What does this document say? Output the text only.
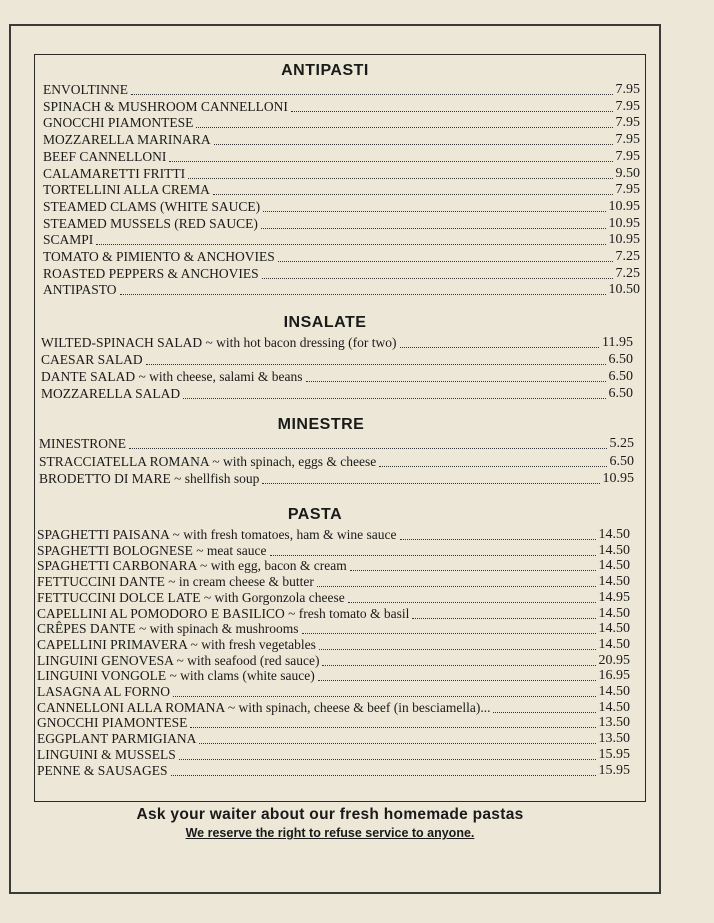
ANTIPASTI
ENVOLTINNE	7.95
SPINACH & MUSHROOM CANNELLONI	7.95
GNOCCHI PIAMONTESE	7.95
MOZZARELLA MARINARA	7.95
BEEF CANNELLONI	7.95
CALAMARETTI FRITTI	9.50
TORTELLINI ALLA CREMA	7.95
STEAMED CLAMS (WHITE SAUCE)	10.95
STEAMED MUSSELS (RED SAUCE)	10.95
SCAMPI	10.95
TOMATO & PIMIENTO & ANCHOVIES	7.25
ROASTED PEPPERS & ANCHOVIES	7.25
ANTIPASTO	10.50
INSALATE
WILTED-SPINACH SALAD ~ with hot bacon dressing (for two)	11.95
CAESAR SALAD	6.50
DANTE SALAD ~ with cheese, salami & beans	6.50
MOZZARELLA SALAD	6.50
MINESTRE
MINESTRONE	5.25
STRACCIATELLA ROMANA ~ with spinach, eggs & cheese	6.50
BRODETTO DI MARE ~ shellfish soup	10.95
PASTA
SPAGHETTI PAISANA ~ with fresh tomatoes, ham & wine sauce	14.50
SPAGHETTI BOLOGNESE ~ meat sauce	14.50
SPAGHETTI CARBONARA ~ with egg, bacon & cream	14.50
FETTUCCINI DANTE ~ in cream cheese & butter	14.50
FETTUCCINI DOLCE LATE ~ with Gorgonzola cheese	14.95
CAPELLINI AL POMODORO E BASILICO ~ fresh tomato & basil	14.50
CRÊPES DANTE ~ with spinach & mushrooms	14.50
CAPELLINI PRIMAVERA ~ with fresh vegetables	14.50
LINGUINI GENOVESA ~ with seafood (red sauce)	20.95
LINGUINI VONGOLE ~ with clams (white sauce)	16.95
LASAGNA AL FORNO	14.50
CANNELLONI ALLA ROMANA ~ with spinach, cheese & beef (in besciamella)...	14.50
GNOCCHI PIAMONTESE	13.50
EGGPLANT PARMIGIANA	13.50
LINGUINI & MUSSELS	15.95
PENNE & SAUSAGES	15.95
Ask your waiter about our fresh homemade pastas
We reserve the right to refuse service to anyone.
